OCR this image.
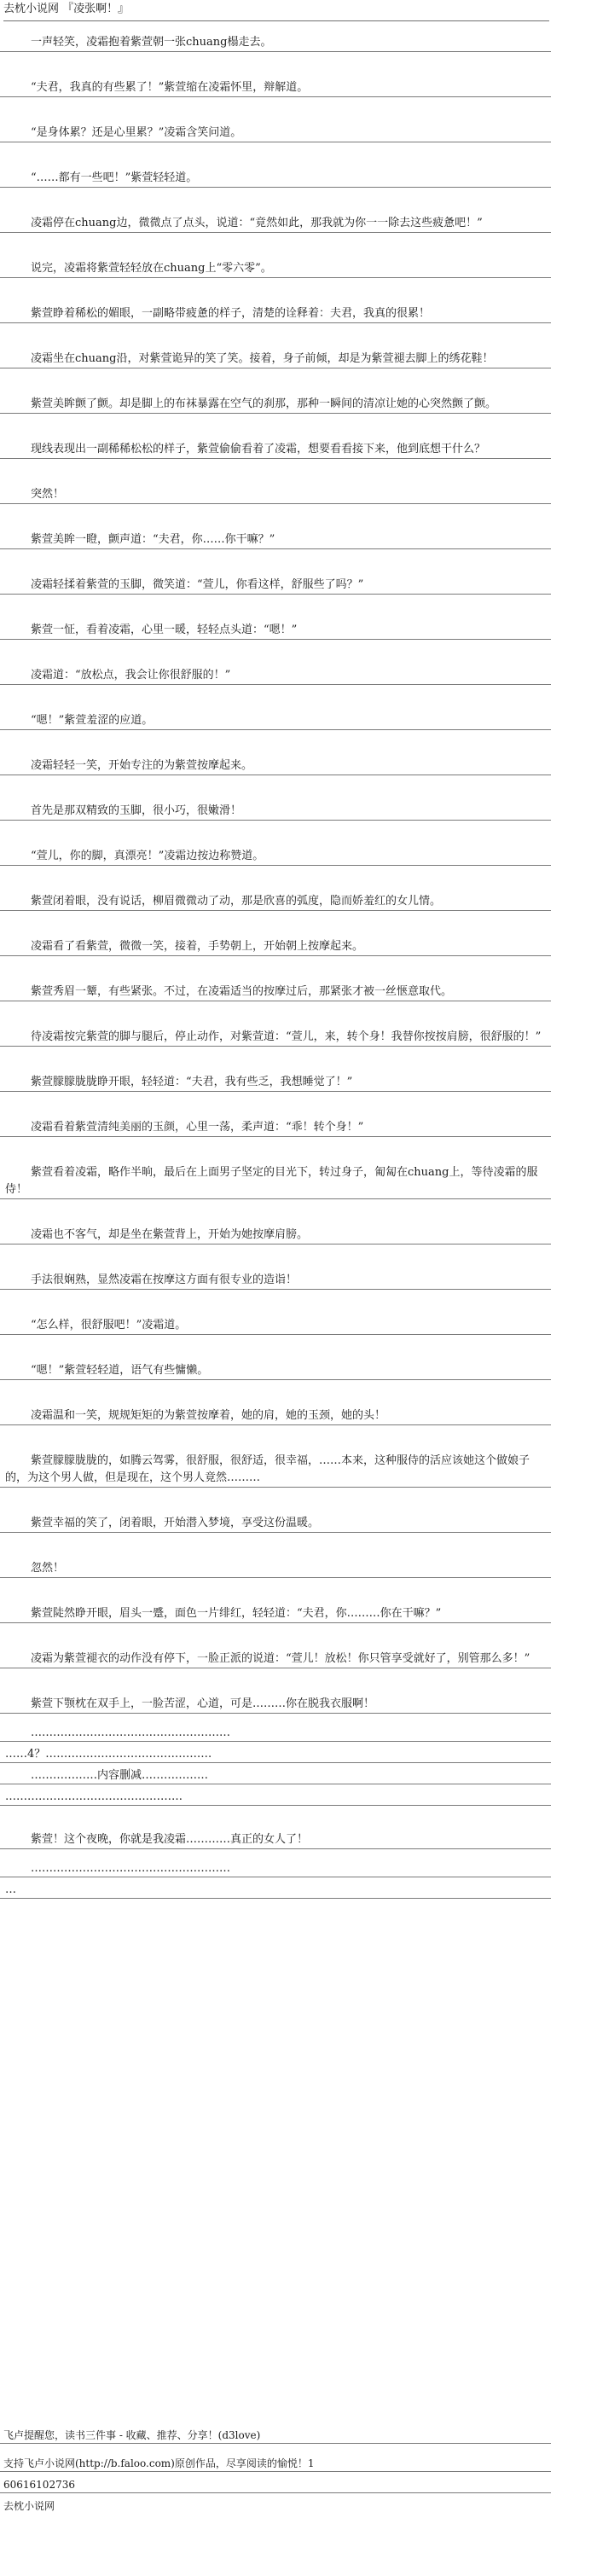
去枕小说网 『凌张啊！』
一声轻笑，凌霜抱着紫萱朝一张chuang榻走去。
“夫君，我真的有些累了！”紫萱缩在凌霜怀里，辩解道。
“是身体累？还是心里累？”凌霜含笑问道。
“……都有一些吧！”紫萱轻轻道。
凌霜停在chuang边，微微点了点头，说道：“竟然如此，那我就为你一一除去这些疲惫吧！”
说完，凌霜将紫萱轻轻放在chuang上“零六零”。
紫萱睁着稀松的媚眼，一副略带疲惫的样子，清楚的诠释着：夫君，我真的很累！
凌霜坐在chuang沿，对紫萱诡异的笑了笑。接着，身子前倾，却是为紫萱褪去脚上的绣花鞋！
紫萱美眸颤了颤。却是脚上的布袜暴露在空气的刹那，那种一瞬间的清凉让她的心突然颤了颤。
现线表现出一副稀稀松松的样子，紫萱偷偷看着了凌霜，想要看看接下来，他到底想干什么？
突然！
紫萱美眸一瞪，颤声道：“夫君，你……你干嘛？”
凌霜轻揉着紫萱的玉脚，微笑道：“萱儿，你看这样，舒服些了吗？”
紫萱一怔，看着凌霜，心里一暖，轻轻点头道：“嗯！”
凌霜道：“放松点，我会让你很舒服的！”
“嗯！”紫萱羞涩的应道。
凌霜轻轻一笑，开始专注的为紫萱按摩起来。
首先是那双精致的玉脚，很小巧，很嫩滑！
“萱儿，你的脚，真漂亮！”凌霜边按边称赞道。
紫萱闭着眼，没有说话，柳眉微微动了动，那是欣喜的弧度，隐而娇羞红的女儿情。
凌霜看了看紫萱，微微一笑，接着，手势朝上，开始朝上按摩起来。
紫萱秀眉一颦，有些紧张。不过，在凌霜适当的按摩过后，那紧张才被一丝惬意取代。
待凌霜按完紫萱的脚与腿后，停止动作，对紫萱道：“萱儿，来，转个身！我替你按按肩膀，很舒服的！”
紫萱朦朦胧胧睁开眼，轻轻道：“夫君，我有些乏，我想睡觉了！”
凌霜看着紫萱清纯美丽的玉颜，心里一荡，柔声道：“乖！转个身！”
紫萱看着凌霜，略作半晌，最后在上面男子坚定的目光下，转过身子，匍匐在chuang上，等待凌霜的服侍！
凌霜也不客气，却是坐在紫萱背上，开始为她按摩肩膀。
手法很娴熟，显然凌霜在按摩这方面有很专业的造诣！
“怎么样，很舒服吧！”凌霜道。
“嗯！”紫萱轻轻道，语气有些慵懒。
凌霜温和一笑，规规矩矩的为紫萱按摩着，她的肩，她的玉颈，她的头！
紫萱朦朦胧胧的，如腾云驾雾，很舒服，很舒适，很幸福，……本来，这种服侍的活应该她这个做娘子的，为这个男人做，但是现在，这个男人竟然………
紫萱幸福的笑了，闭着眼，开始潜入梦境，享受这份温暖。
忽然！
紫萱陡然睁开眼，眉头一蹙，面色一片绯红，轻轻道：“夫君，你………你在干嘛？”
凌霜为紫萱褪衣的动作没有停下，一脸正派的说道：“萱儿！放松！你只管享受就好了，别管那么多！”
紫萱下颚枕在双手上，一脸苦涩，心道，可是………你在脱我衣服啊！
………………………………………………
……4？………………………………………
………………内容删减………………
…………………………………………
紫萱！这个夜晚，你就是我凌霜…………真正的女人了！
………………………………………………
…
飞卢提醒您，读书三件事 - 收藏、推荐、分享！(d3love)
支持飞卢小说网(http://b.faloo.com)原创作品，尽享阅读的愉悦！1
60616102736
去枕小说网
